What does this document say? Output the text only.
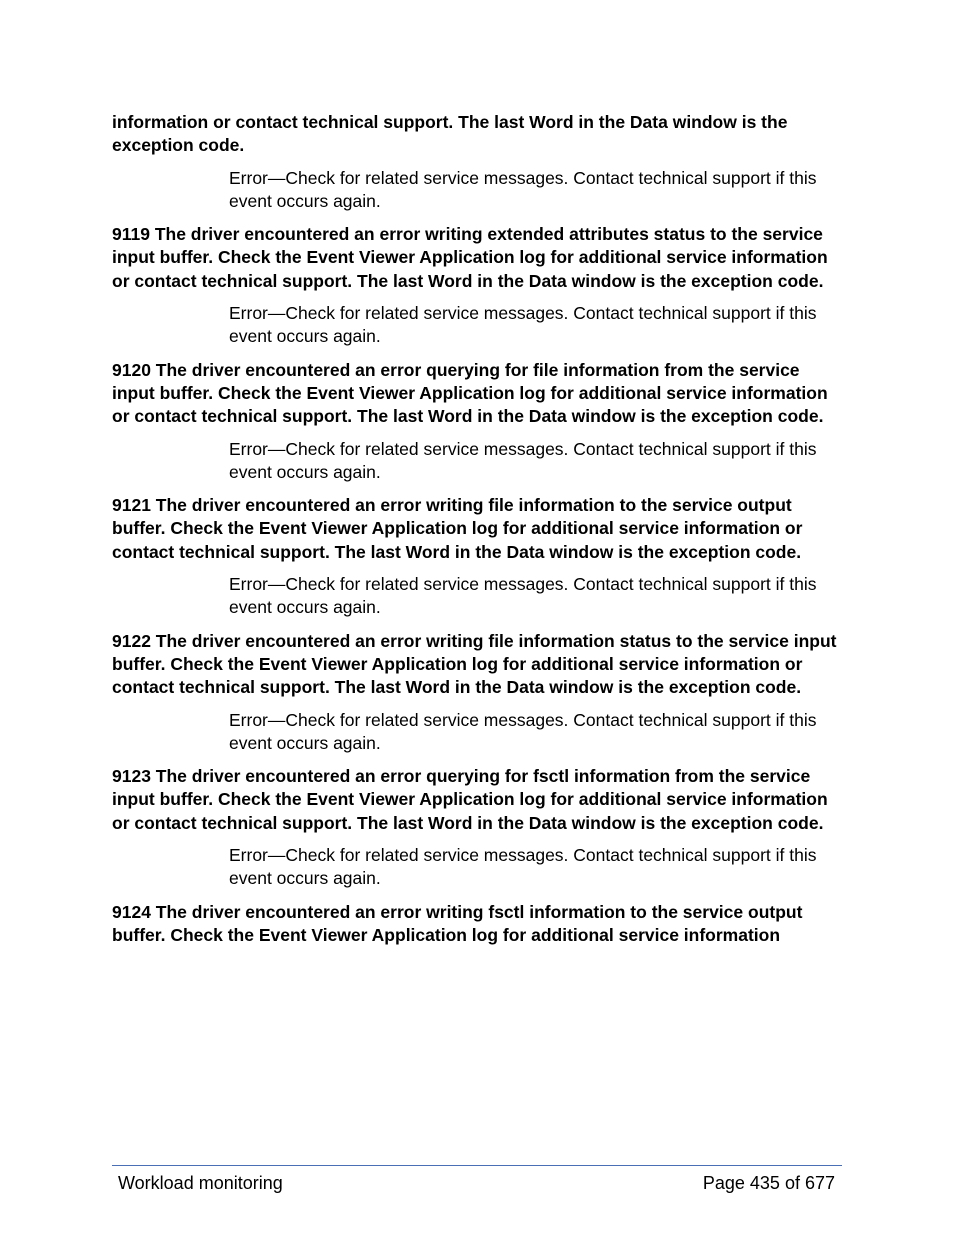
information or contact technical support. The last Word in the Data window is the exception code.

Error—Check for related service messages. Contact technical support if this event occurs again.

9119 The driver encountered an error writing extended attributes status to the service input buffer. Check the Event Viewer Application log for additional service information or contact technical support. The last Word in the Data window is the exception code.

Error—Check for related service messages. Contact technical support if this event occurs again.

9120 The driver encountered an error querying for file information from the service input buffer. Check the Event Viewer Application log for additional service information or contact technical support. The last Word in the Data window is the exception code.

Error—Check for related service messages. Contact technical support if this event occurs again.

9121 The driver encountered an error writing file information to the service output buffer. Check the Event Viewer Application log for additional service information or contact technical support. The last Word in the Data window is the exception code.

Error—Check for related service messages. Contact technical support if this event occurs again.

9122 The driver encountered an error writing file information status to the service input buffer. Check the Event Viewer Application log for additional service information or contact technical support. The last Word in the Data window is the exception code.

Error—Check for related service messages. Contact technical support if this event occurs again.

9123 The driver encountered an error querying for fsctl information from the service input buffer. Check the Event Viewer Application log for additional service information or contact technical support. The last Word in the Data window is the exception code.

Error—Check for related service messages. Contact technical support if this event occurs again.

9124 The driver encountered an error writing fsctl information to the service output buffer. Check the Event Viewer Application log for additional service information

Workload monitoring	Page 435 of 677
